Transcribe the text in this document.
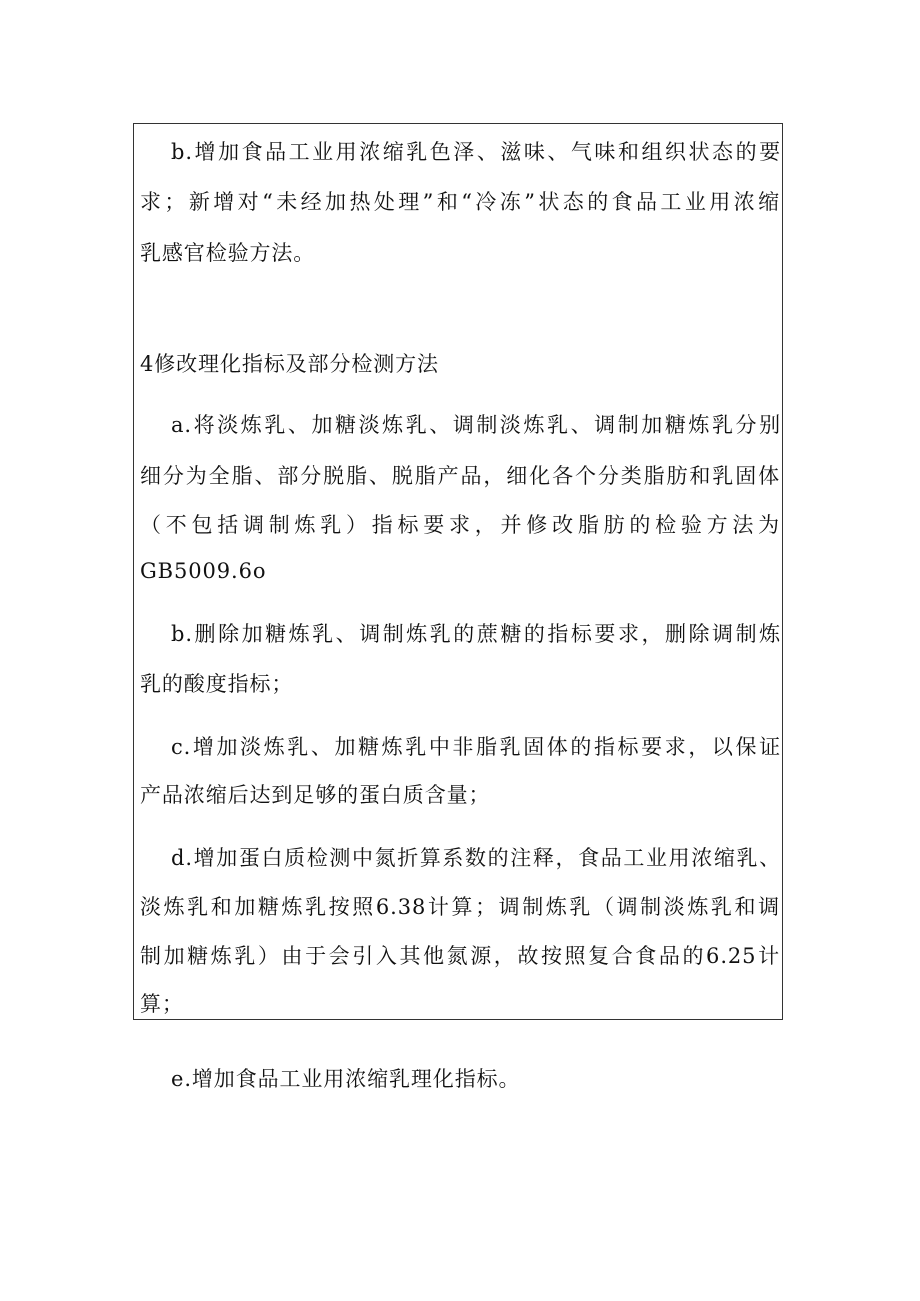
b.增加食品工业用浓缩乳色泽、滋味、气味和组织状态的要
求；新增对“未经加热处理”和“冷冻”状态的食品工业用浓缩
乳感官检验方法。
4修改理化指标及部分检测方法
a.将淡炼乳、加糖淡炼乳、调制淡炼乳、调制加糖炼乳分别
细分为全脂、部分脱脂、脱脂产品，细化各个分类脂肪和乳固体
（不包括调制炼乳）指标要求，并修改脂肪的检验方法为
GB5009.6o
b.删除加糖炼乳、调制炼乳的蔗糖的指标要求，删除调制炼
乳的酸度指标；
c.增加淡炼乳、加糖炼乳中非脂乳固体的指标要求，以保证
产品浓缩后达到足够的蛋白质含量；
d.增加蛋白质检测中氮折算系数的注释，食品工业用浓缩乳、
淡炼乳和加糖炼乳按照6.38计算；调制炼乳（调制淡炼乳和调
制加糖炼乳）由于会引入其他氮源，故按照复合食品的6.25计
算；
e.增加食品工业用浓缩乳理化指标。
